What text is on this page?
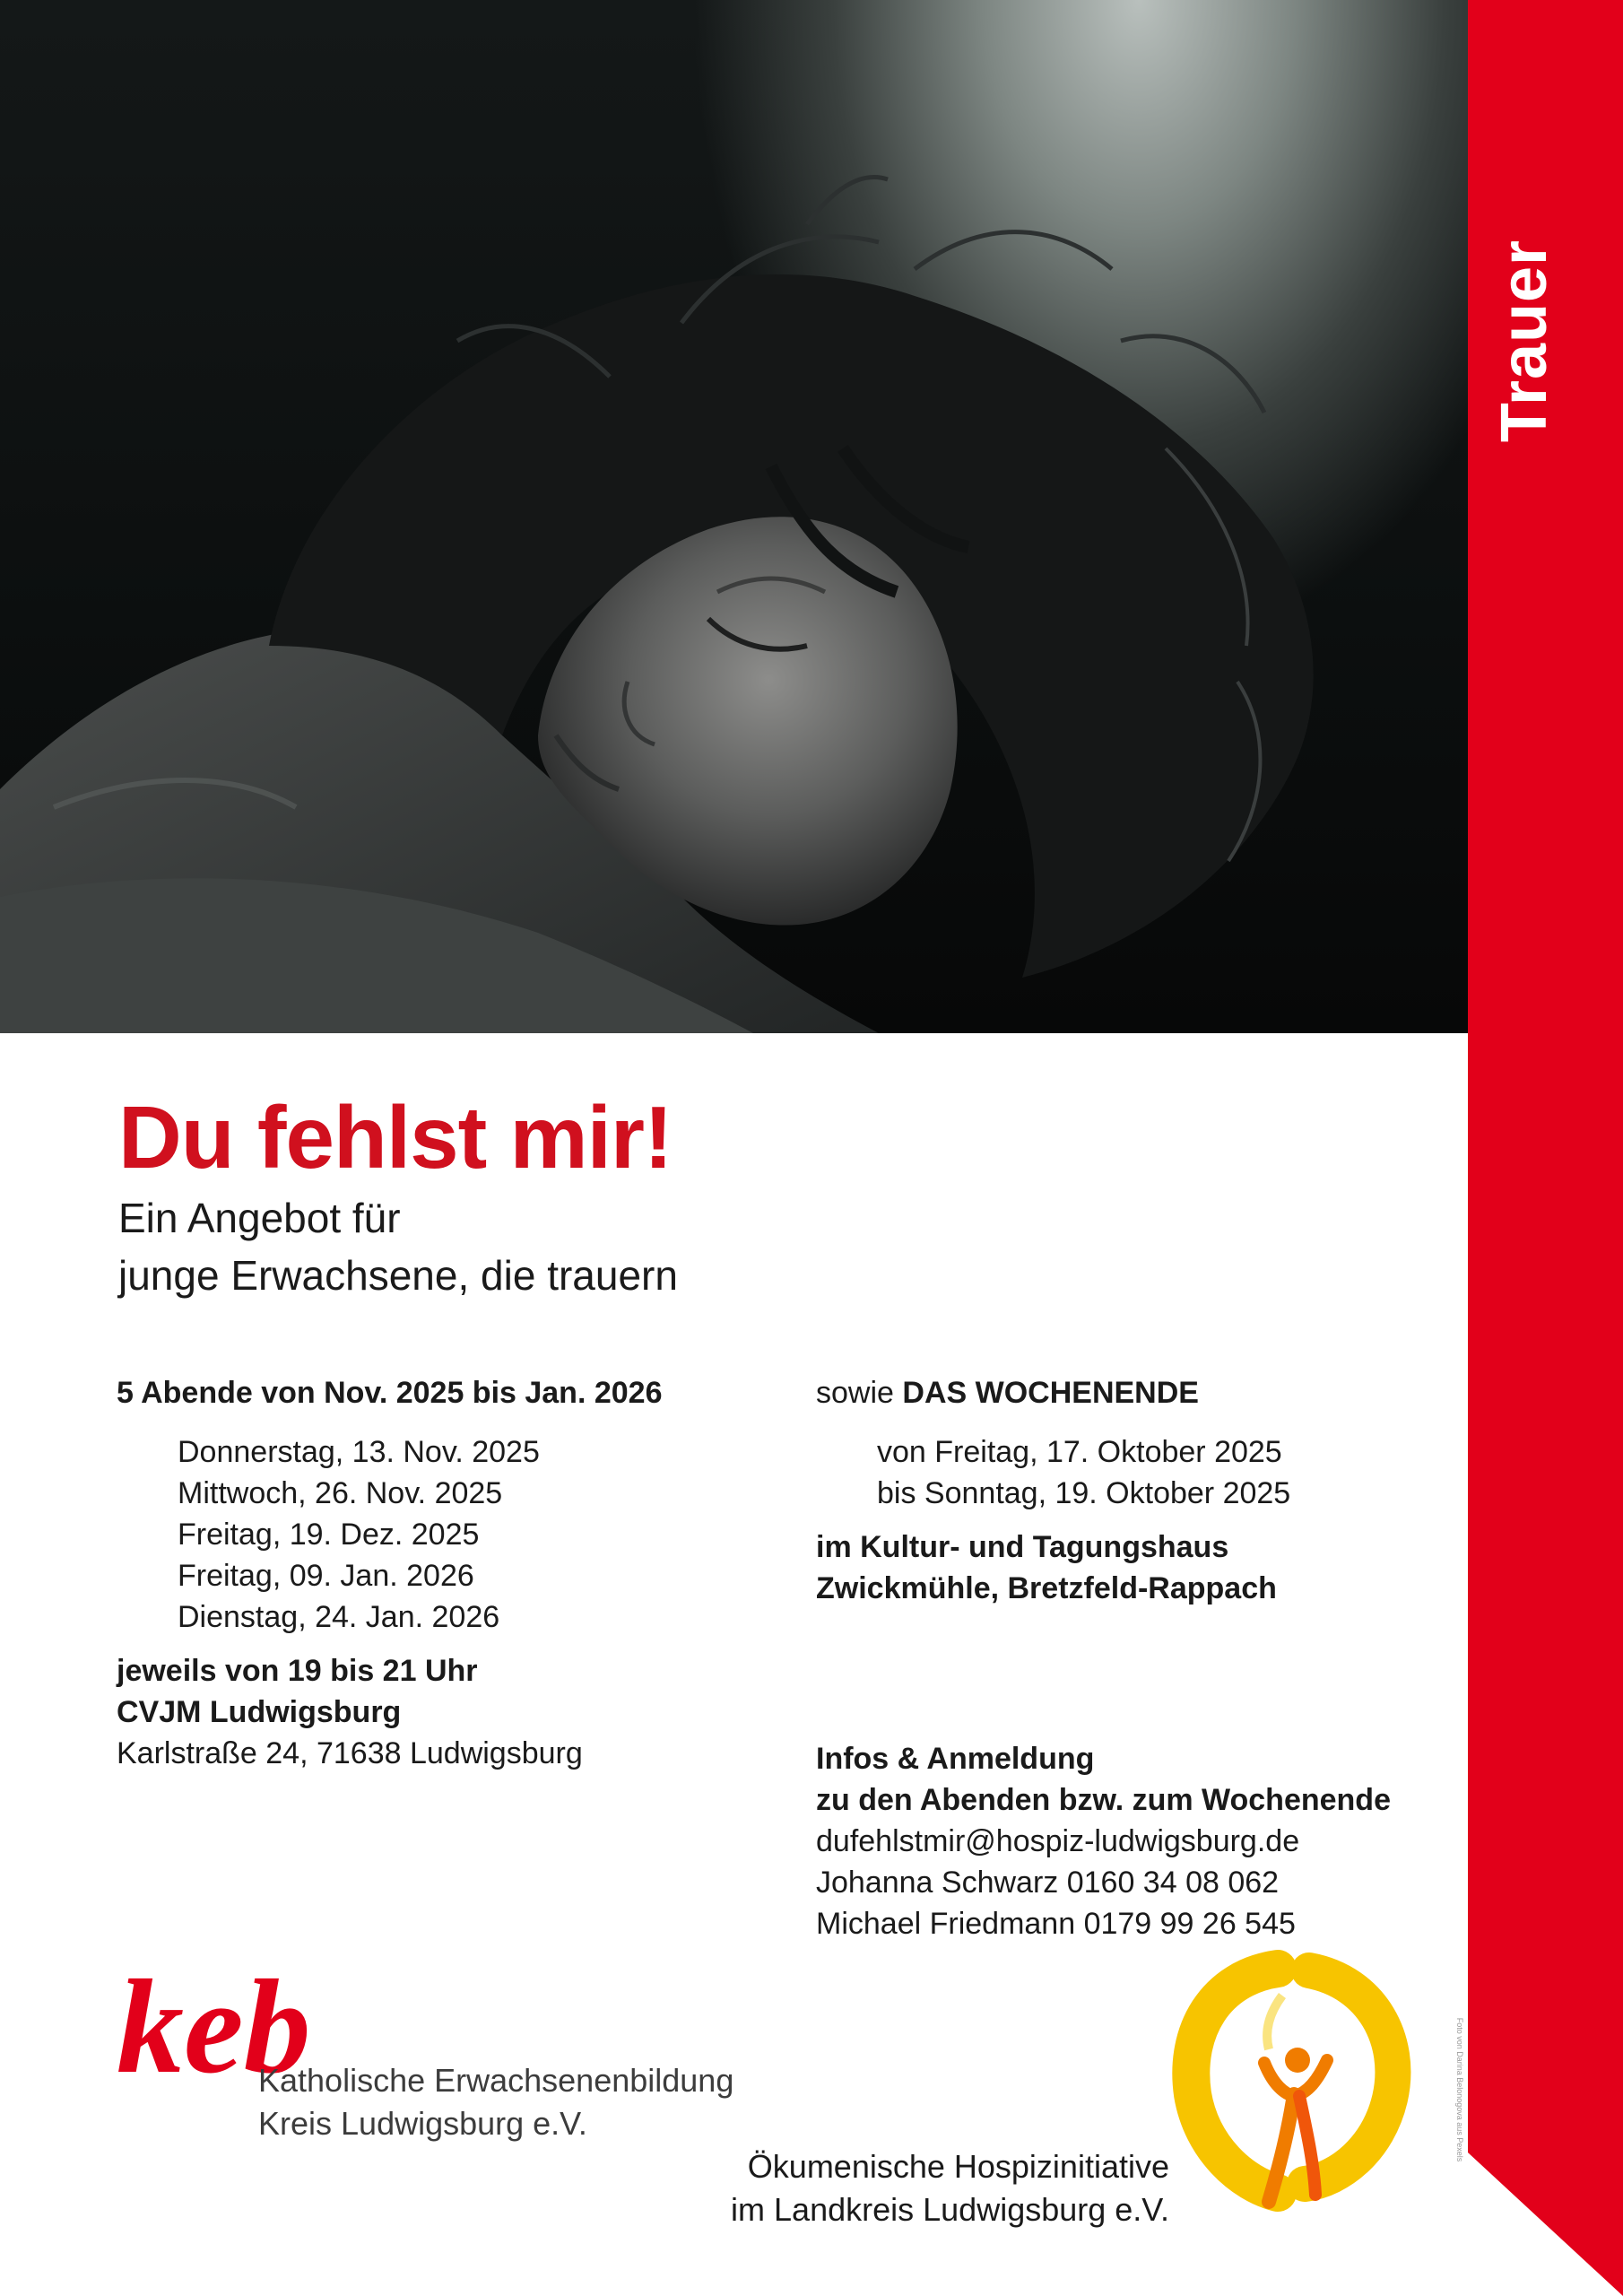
Trauer
Foto von Darina Belonogova aus Pexels
Du fehlst mir!
Ein Angebot für
junge Erwachsene, die trauern
5 Abende von Nov. 2025 bis Jan. 2026
Donnerstag, 13. Nov. 2025
Mittwoch, 26. Nov. 2025
Freitag, 19. Dez. 2025
Freitag, 09. Jan. 2026
Dienstag, 24. Jan. 2026
jeweils von 19 bis 21 Uhr
CVJM Ludwigsburg
Karlstraße 24, 71638 Ludwigsburg
sowie DAS WOCHENENDE
von Freitag, 17. Oktober 2025
bis Sonntag, 19. Oktober 2025
im Kultur- und Tagungshaus
Zwickmühle, Bretzfeld-Rappach
Infos & Anmeldung
zu den Abenden bzw. zum Wochenende
dufehlstmir@hospiz-ludwigsburg.de
Johanna Schwarz 0160 34 08 062
Michael Friedmann 0179 99 26 545
keb
Katholische Erwachsenenbildung
Kreis Ludwigsburg e.V.
Ökumenische Hospizinitiative
im Landkreis Ludwigsburg e.V.
